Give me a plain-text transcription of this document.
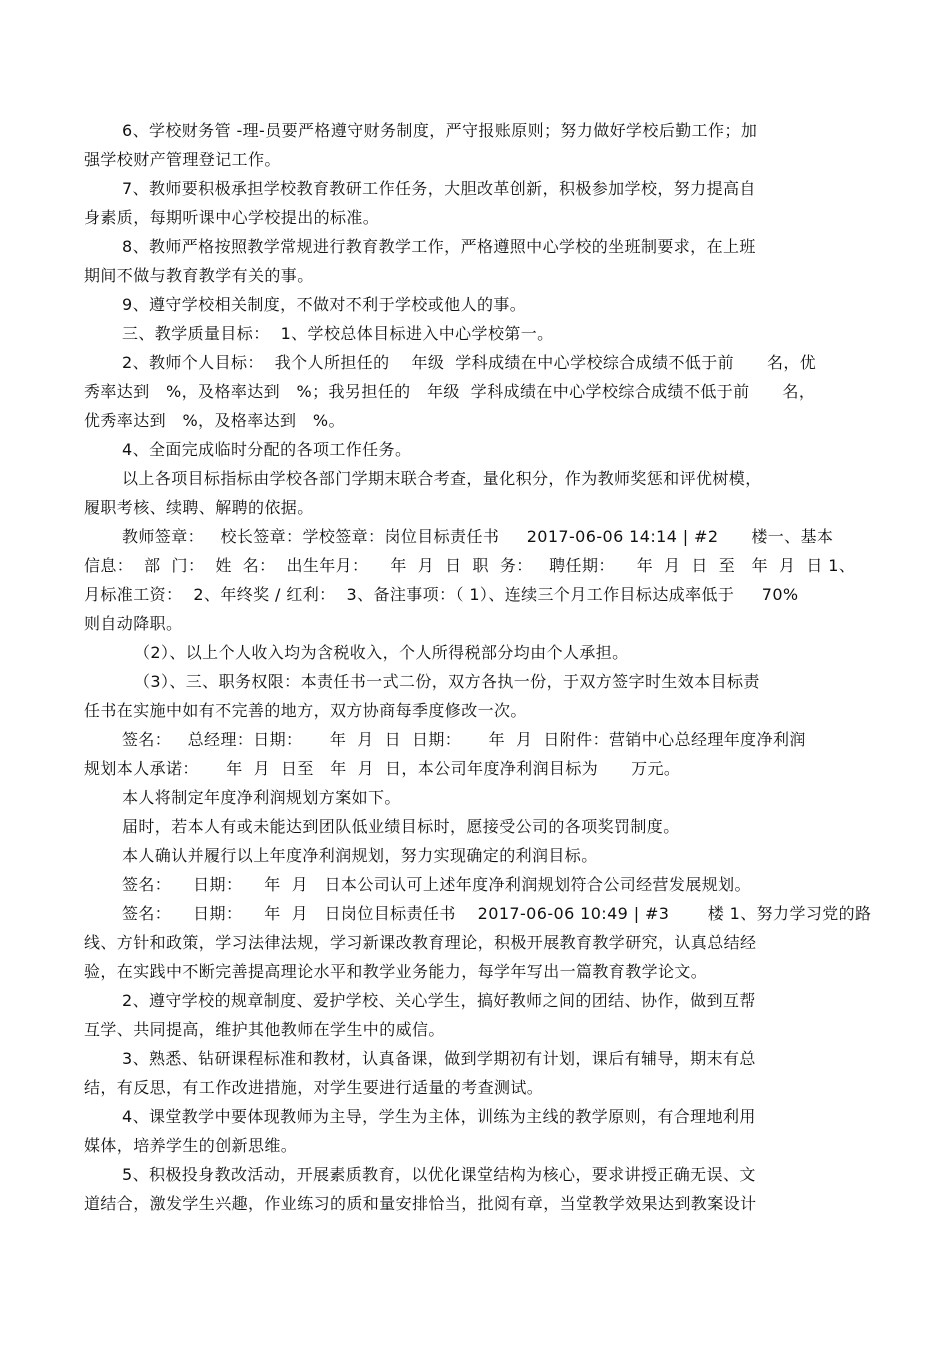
6、学校财务管 -理-员要严格遵守财务制度，严守报账原则；努力做好学校后勤工作；加
强学校财产管理登记工作。
7、教师要积极承担学校教育教研工作任务，大胆改革创新，积极参加学校，努力提高自
身素质，每期听课中心学校提出的标准。
8、教师严格按照教学常规进行教育教学工作，严格遵照中心学校的坐班制要求，在上班
期间不做与教育教学有关的事。
9、遵守学校相关制度，不做对不利于学校或他人的事。
三、教学质量目标：  1、学校总体目标进入中心学校第一。
2、教师个人目标：  我个人所担任的    年级  学科成绩在中心学校综合成绩不低于前      名，优
秀率达到   %，及格率达到   %；我另担任的   年级  学科成绩在中心学校综合成绩不低于前      名，
优秀率达到   %，及格率达到   %。
4、全面完成临时分配的各项工作任务。
以上各项目标指标由学校各部门学期末联合考查，量化积分，作为教师奖惩和评优树模，
履职考核、续聘、解聘的依据。
教师签章：   校长签章：学校签章：岗位目标责任书     2017-06-06 14:14 | #2      楼一、基本
信息：  部  门：  姓  名：  出生年月：    年  月  日  职  务：   聘任期：    年  月  日  至   年  月  日 1、
月标准工资：  2、年终奖 / 红利：  3、备注事项：（ 1）、连续三个月工作目标达成率低于     70%
则自动降职。
（2）、以上个人收入均为含税收入，个人所得税部分均由个人承担。
（3）、三、职务权限：本责任书一式二份，双方各执一份，于双方签字时生效本目标责
任书在实施中如有不完善的地方，双方协商每季度修改一次。
签名：   总经理：日期：     年  月  日  日期：     年  月  日附件：营销中心总经理年度净利润
规划本人承诺：     年  月  日至   年  月  日，本公司年度净利润目标为      万元。
本人将制定年度净利润规划方案如下。
届时，若本人有或未能达到团队低业绩目标时，愿接受公司的各项奖罚制度。
本人确认并履行以上年度净利润规划，努力实现确定的利润目标。
签名：    日期：    年  月   日本公司认可上述年度净利润规划符合公司经营发展规划。
签名：    日期：    年  月   日岗位目标责任书    2017-06-06 10:49 | #3       楼 1、努力学习党的路
线、方针和政策，学习法律法规，学习新课改教育理论，积极开展教育教学研究，认真总结经
验，在实践中不断完善提高理论水平和教学业务能力，每学年写出一篇教育教学论文。
2、遵守学校的规章制度、爱护学校、关心学生，搞好教师之间的团结、协作，做到互帮
互学、共同提高，维护其他教师在学生中的威信。
3、熟悉、钻研课程标准和教材，认真备课，做到学期初有计划，课后有辅导，期末有总
结，有反思，有工作改进措施，对学生要进行适量的考查测试。
4、课堂教学中要体现教师为主导，学生为主体，训练为主线的教学原则，有合理地利用
媒体，培养学生的创新思维。
5、积极投身教改活动，开展素质教育，以优化课堂结构为核心，要求讲授正确无误、文
道结合，激发学生兴趣，作业练习的质和量安排恰当，批阅有章，当堂教学效果达到教案设计
